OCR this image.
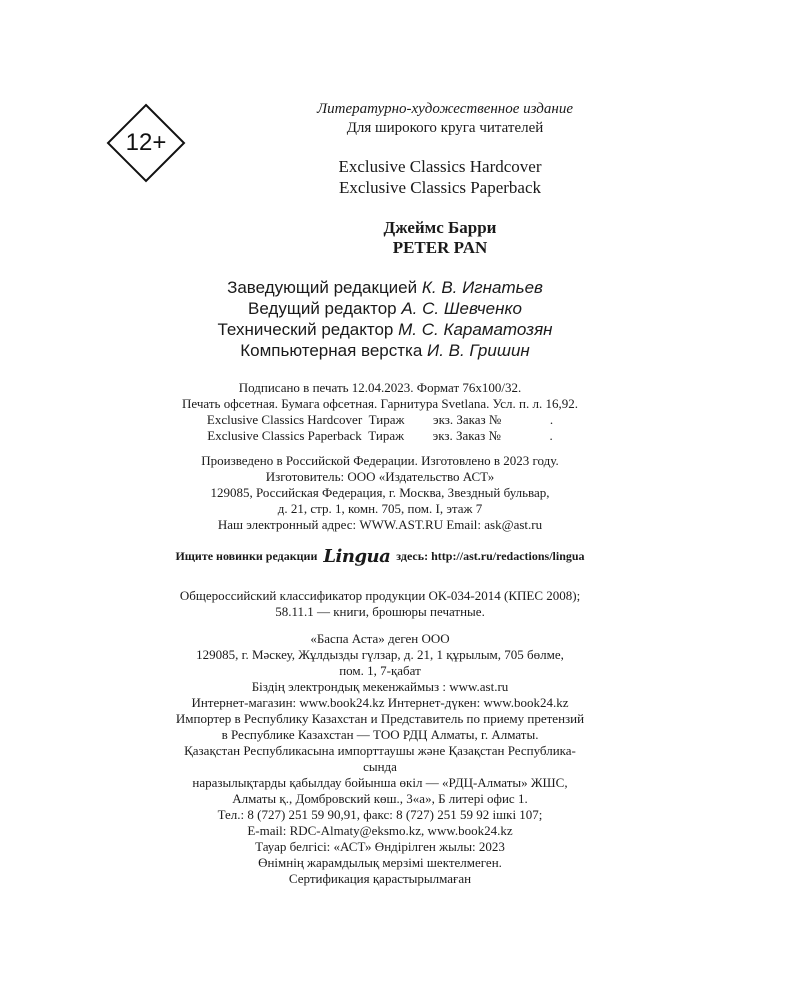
12+
Литературно-художественное издание
Для широкого круга читателей
Exclusive Classics Hardcover
Exclusive Classics Paperback
Джеймс Барри
PETER PAN
Заведующий редакцией К. В. Игнатьев
Ведущий редактор А. С. Шевченко
Технический редактор М. С. Караматозян
Компьютерная верстка И. В. Гришин
Подписано в печать 12.04.2023. Формат 76х100/32.
Печать офсетная. Бумага офсетная. Гарнитура Svetlana. Усл. п. л. 16,92.
Exclusive Classics Hardcover Тираж экз. Заказ №	.
Exclusive Classics Paperback Тираж экз. Заказ №	.
Произведено в Российской Федерации. Изготовлено в 2023 году.
Изготовитель: ООО «Издательство АСТ»
129085, Российская Федерация, г. Москва, Звездный бульвар,
д. 21, стр. 1, комн. 705, пом. I, этаж 7
Наш электронный адрес: WWW.AST.RU Email: ask@ast.ru
Ищите новинки редакции Lingua здесь: http://ast.ru/redactions/lingua
Общероссийский классификатор продукции ОК-034-2014 (КПЕС 2008);
58.11.1 — книги, брошюры печатные.
«Баспа Аста» деген ООО
129085, г. Мәскеу, Жұлдызды гүлзар, д. 21, 1 құрылым, 705 бөлме,
пом. 1, 7-қабат
Біздің электрондық мекенжаймыз : www.ast.ru
Интернет-магазин: www.book24.kz Интернет-дүкен: www.book24.kz
Импортер в Республику Казахстан и Представитель по приему претензий
в Республике Казахстан — ТОО РДЦ Алматы, г. Алматы.
Қазақстан Республикасына импорттаушы және Қазақстан Республика-
сында
наразылықтарды қабылдау бойынша өкіл — «РДЦ-Алматы» ЖШС,
Алматы қ., Домбровский көш., 3«а», Б литері офис 1.
Тел.: 8 (727) 251 59 90,91, факс: 8 (727) 251 59 92 ішкі 107;
E-mail: RDC-Almaty@eksmo.kz, www.book24.kz
Тауар белгісі: «АСТ» Өндірілген жылы: 2023
Өнімнің жарамдылық мерзімі шектелмеген.
Сертификация қарастырылмаған
